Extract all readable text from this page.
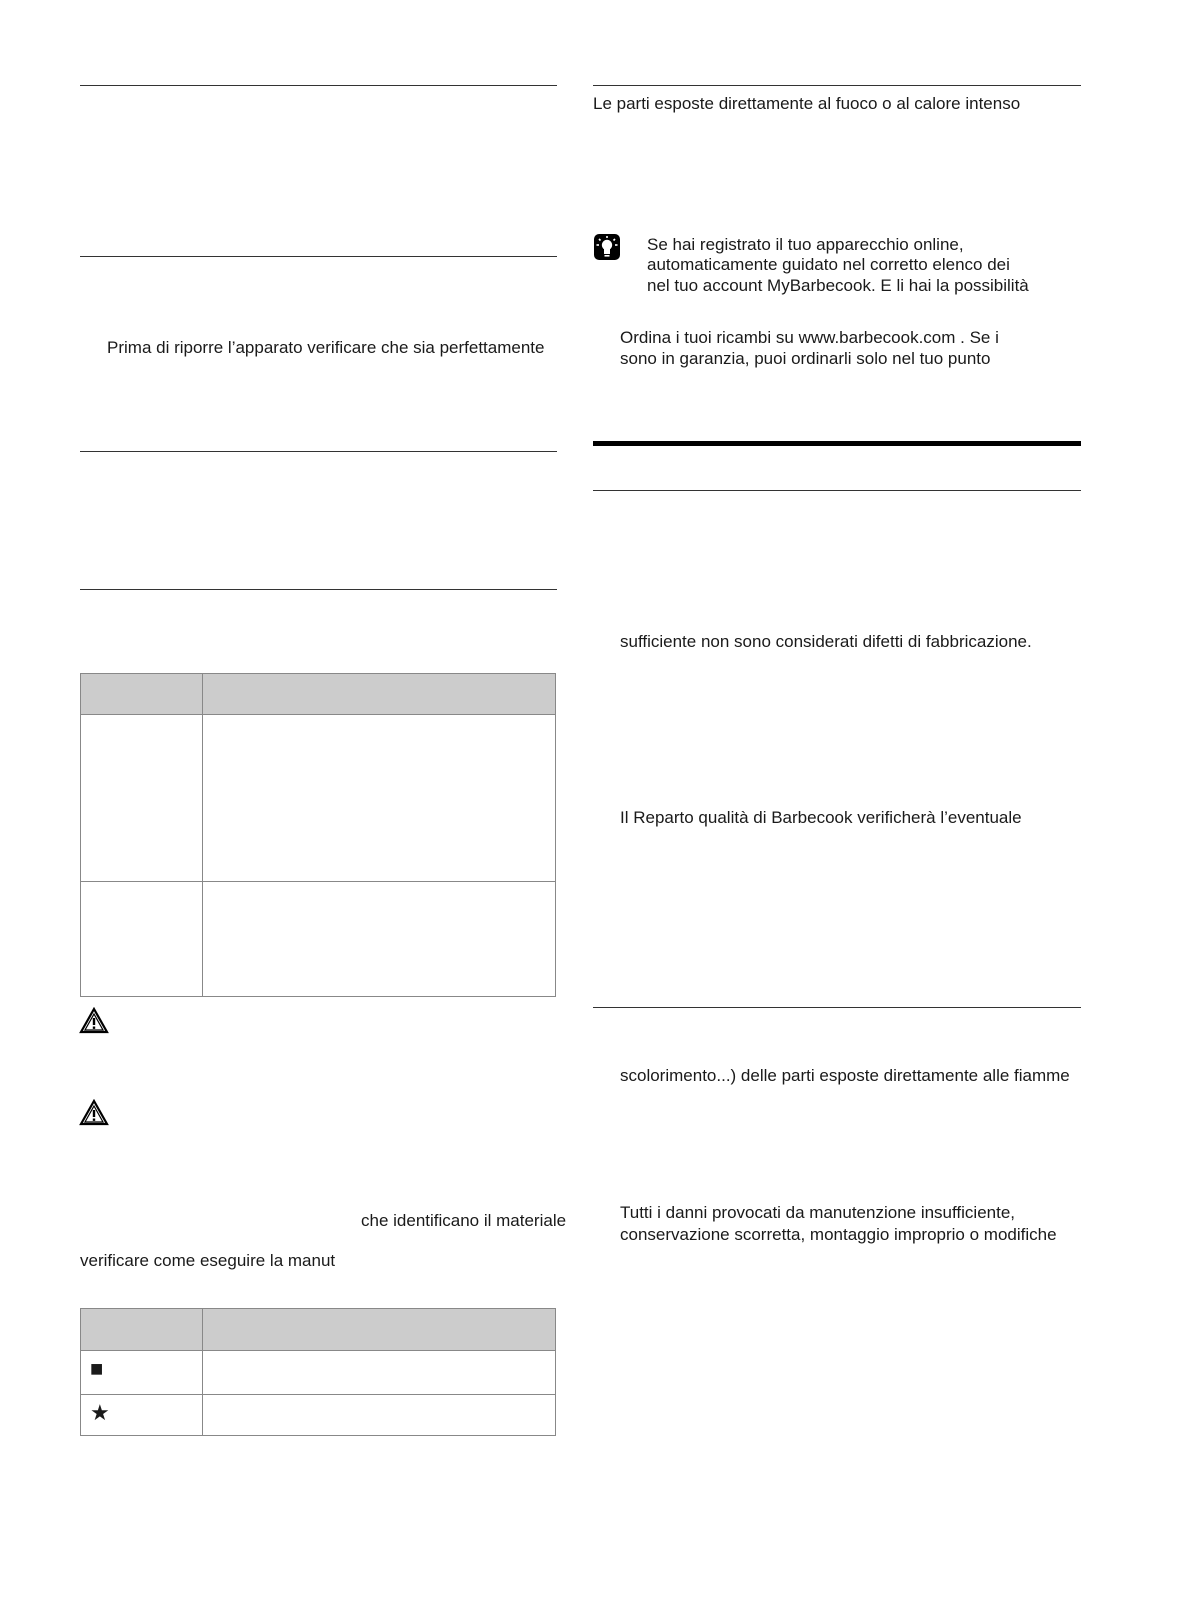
Prima di riporre l’apparato verificare che sia perfettamente
che identificano il materiale
verificare come eseguire la manut
■
★
Le parti esposte direttamente al fuoco o al calore intenso
Se hai registrato il tuo apparecchio online,
automaticamente guidato nel corretto elenco dei
nel tuo account MyBarbecook. E li hai la possibilità
Ordina i tuoi ricambi su www.barbecook.com . Se i
sono in garanzia, puoi ordinarli solo nel tuo punto
sufficiente non sono considerati difetti di fabbricazione.
Il Reparto qualità di Barbecook verificherà l’eventuale
scolorimento...) delle parti esposte direttamente alle fiamme
Tutti i danni provocati da manutenzione insufficiente,
conservazione scorretta, montaggio improprio o modifiche
